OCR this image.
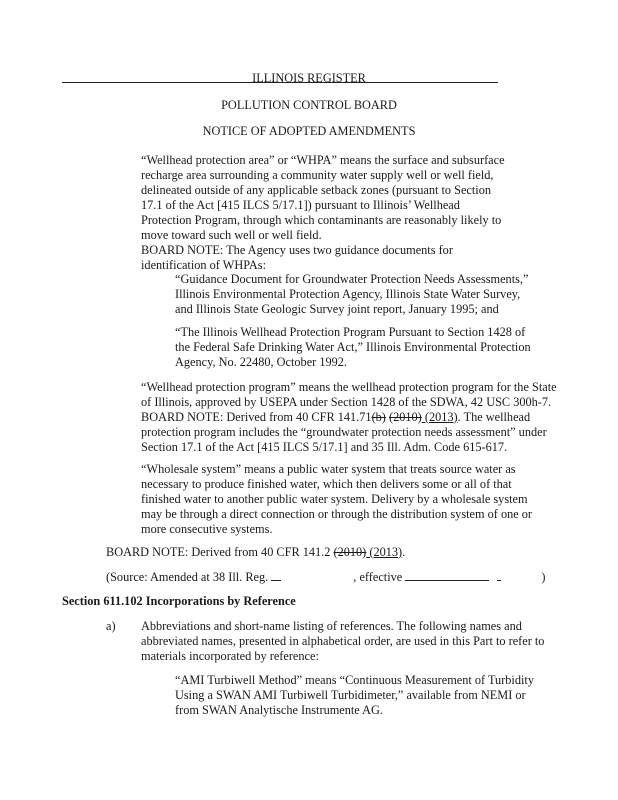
ILLINOIS REGISTER
POLLUTION CONTROL BOARD
NOTICE OF ADOPTED AMENDMENTS
“Wellhead protection area” or “WHPA” means the surface and subsurface
recharge area surrounding a community water supply well or well field,
delineated outside of any applicable setback zones (pursuant to Section
17.1 of the Act [415 ILCS 5/17.1]) pursuant to Illinois’ Wellhead
Protection Program, through which contaminants are reasonably likely to
move toward such well or well field.
BOARD NOTE: The Agency uses two guidance documents for
identification of WHPAs:
“Guidance Document for Groundwater Protection Needs Assessments,”
Illinois Environmental Protection Agency, Illinois State Water Survey,
and Illinois State Geologic Survey joint report, January 1995; and
“The Illinois Wellhead Protection Program Pursuant to Section 1428 of
the Federal Safe Drinking Water Act,” Illinois Environmental Protection
Agency, No. 22480, October 1992.
“Wellhead protection program” means the wellhead protection program for the State
of Illinois, approved by USEPA under Section 1428 of the SDWA, 42 USC 300h-7.
BOARD NOTE: Derived from 40 CFR 141.71(b) (2010) (2013). The wellhead
protection program includes the “groundwater protection needs assessment” under
Section 17.1 of the Act [415 ILCS 5/17.1] and 35 Ill. Adm. Code 615-617.
“Wholesale system” means a public water system that treats source water as
necessary to produce finished water, which then delivers some or all of that
finished water to another public water system. Delivery by a wholesale system
may be through a direct connection or through the distribution system of one or
more consecutive systems.
BOARD NOTE: Derived from 40 CFR 141.2 (2010) (2013).
(Source: Amended at 38 Ill. Reg.	, effective	)
Section 611.102 Incorporations by Reference
a) Abbreviations and short-name listing of references. The following names and
abbreviated names, presented in alphabetical order, are used in this Part to refer to
materials incorporated by reference:
“AMI Turbiwell Method” means “Continuous Measurement of Turbidity
Using a SWAN AMI Turbiwell Turbidimeter,” available from NEMI or
from SWAN Analytische Instrumente AG.
